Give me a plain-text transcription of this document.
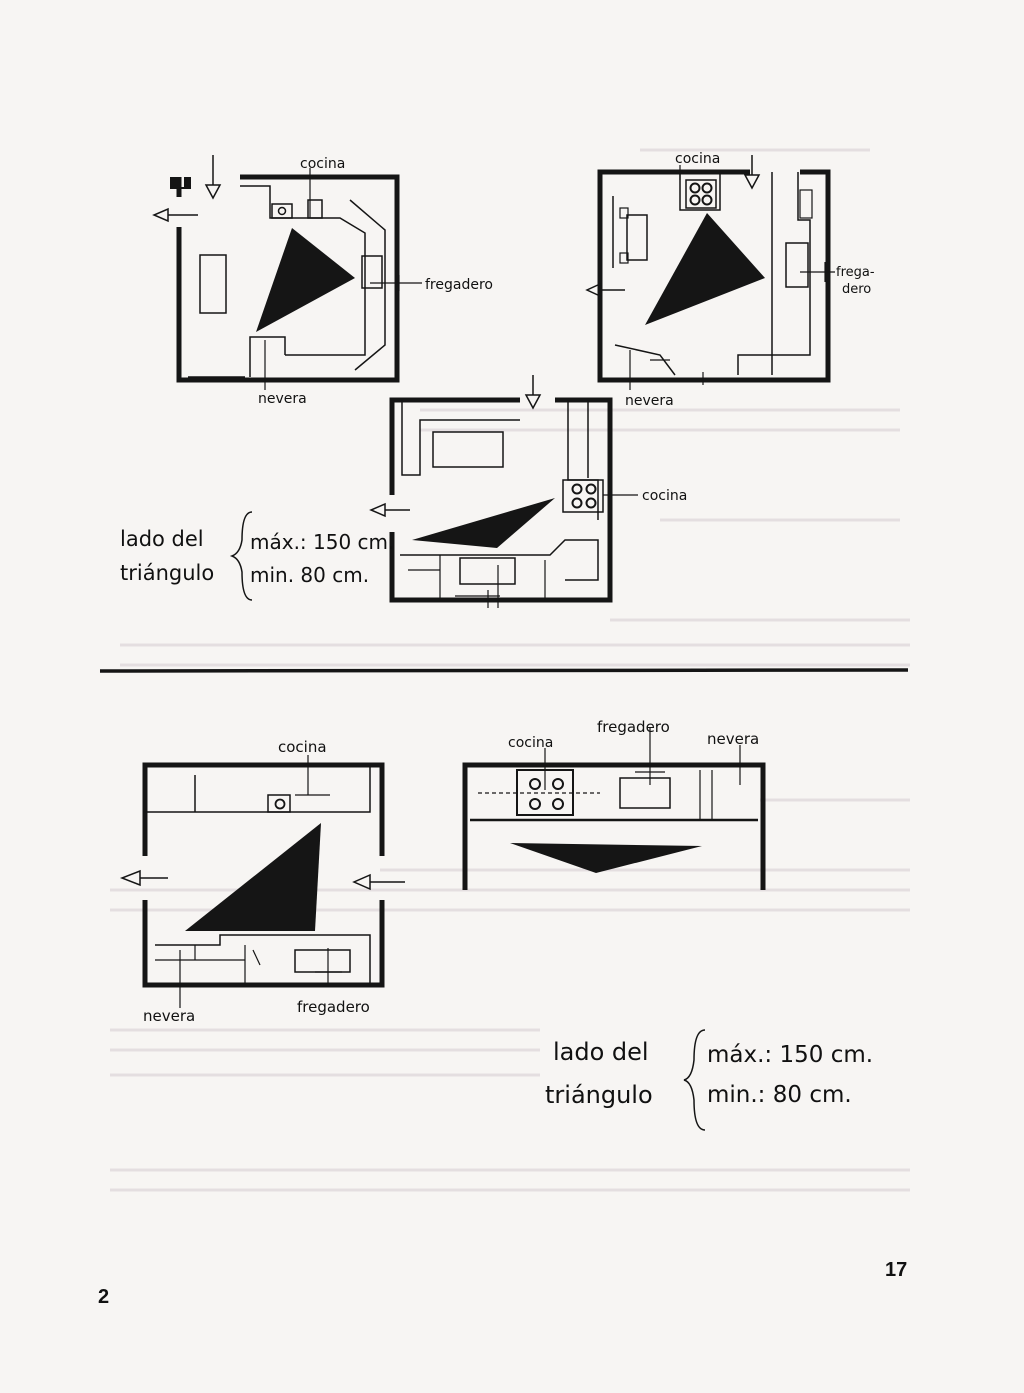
cocina
fregadero
nevera
cocina
frega-
dero
nevera
cocina
lado del
triángulo
máx.: 150 cm.
min. 80 cm.
cocina
nevera	fregadero
cocina
fregadero
nevera
lado del
triángulo
máx.: 150 cm.
min.: 80 cm.
17
2
